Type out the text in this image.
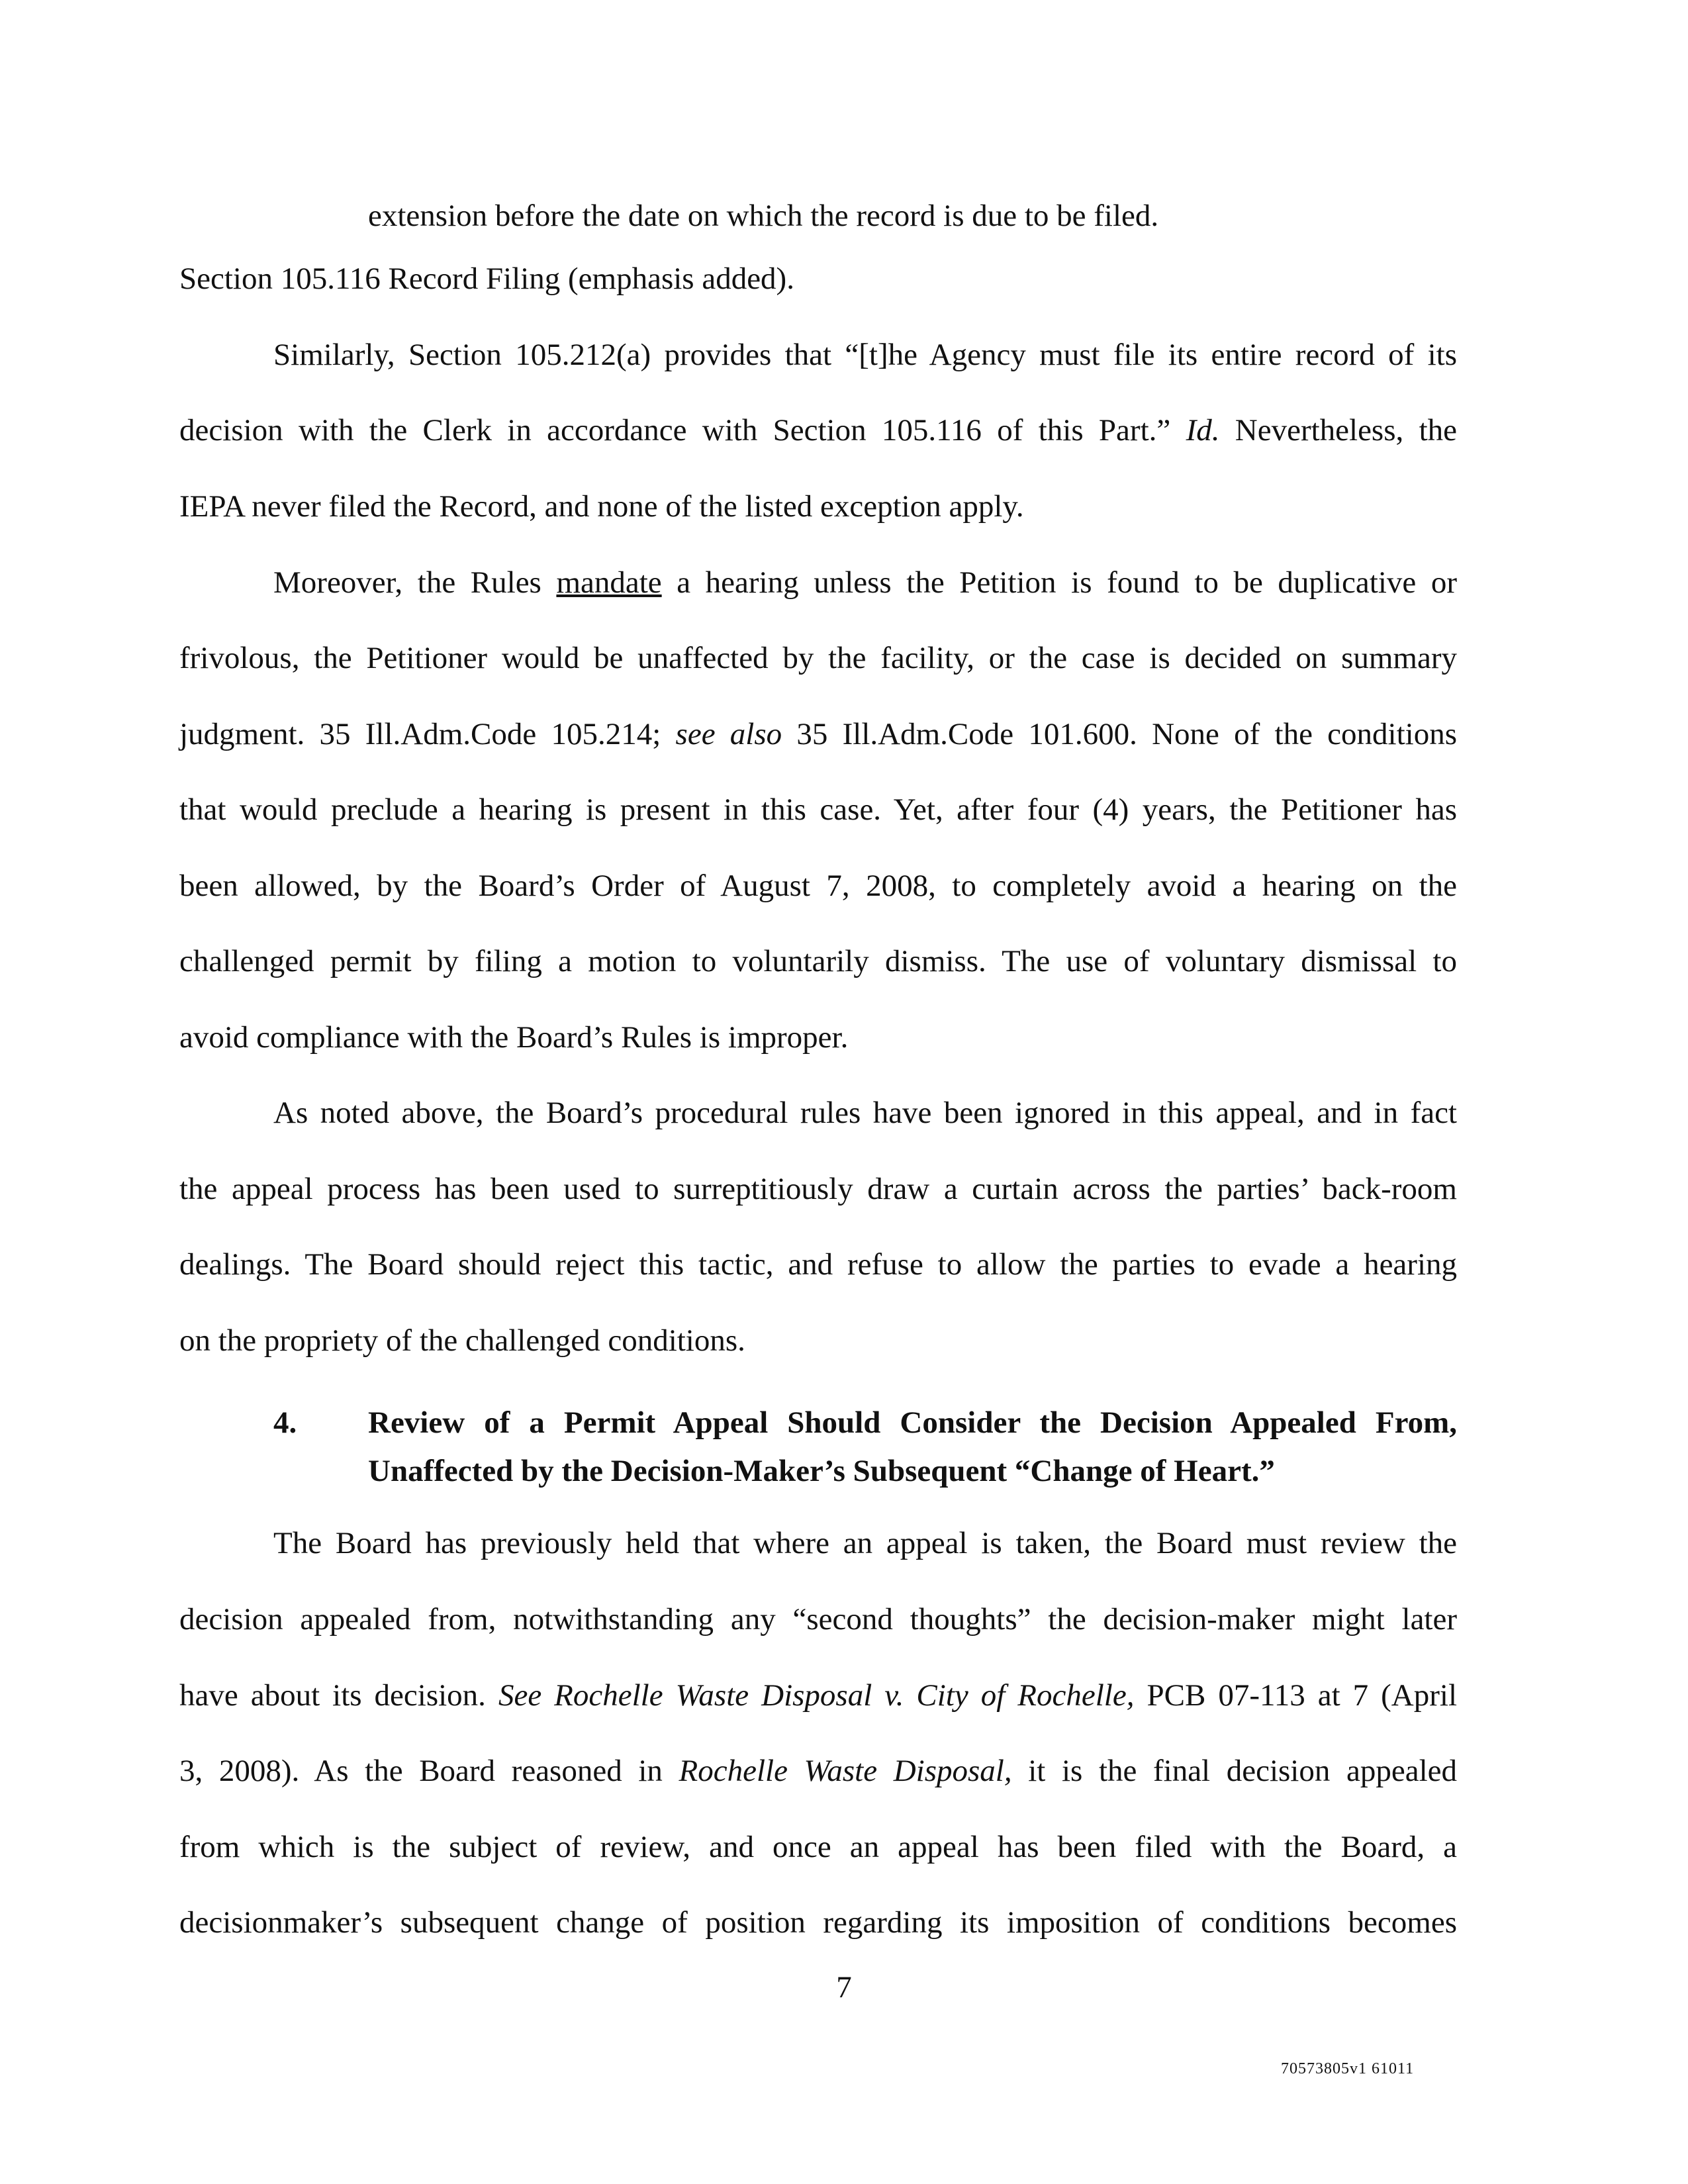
extension before the date on which the record is due to be filed.
Section 105.116 Record Filing (emphasis added).
Similarly, Section 105.212(a) provides that “[t]he Agency must file its entire record of its
decision with the Clerk in accordance with Section 105.116 of this Part.” Id. Nevertheless, the
IEPA never filed the Record, and none of the listed exception apply.
Moreover, the Rules mandate a hearing unless the Petition is found to be duplicative or
frivolous, the Petitioner would be unaffected by the facility, or the case is decided on summary
judgment. 35 Ill.Adm.Code 105.214; see also 35 Ill.Adm.Code 101.600. None of the conditions
that would preclude a hearing is present in this case. Yet, after four (4) years, the Petitioner has
been allowed, by the Board’s Order of August 7, 2008, to completely avoid a hearing on the
challenged permit by filing a motion to voluntarily dismiss. The use of voluntary dismissal to
avoid compliance with the Board’s Rules is improper.
As noted above, the Board’s procedural rules have been ignored in this appeal, and in fact
the appeal process has been used to surreptitiously draw a curtain across the parties’ back-room
dealings. The Board should reject this tactic, and refuse to allow the parties to evade a hearing
on the propriety of the challenged conditions.
4. Review of a Permit Appeal Should Consider the Decision Appealed From,
Unaffected by the Decision-Maker’s Subsequent “Change of Heart.”
The Board has previously held that where an appeal is taken, the Board must review the
decision appealed from, notwithstanding any “second thoughts” the decision-maker might later
have about its decision. See Rochelle Waste Disposal v. City of Rochelle, PCB 07-113 at 7 (April
3, 2008). As the Board reasoned in Rochelle Waste Disposal, it is the final decision appealed
from which is the subject of review, and once an appeal has been filed with the Board, a
decisionmaker’s subsequent change of position regarding its imposition of conditions becomes
7
70573805v1 61011
